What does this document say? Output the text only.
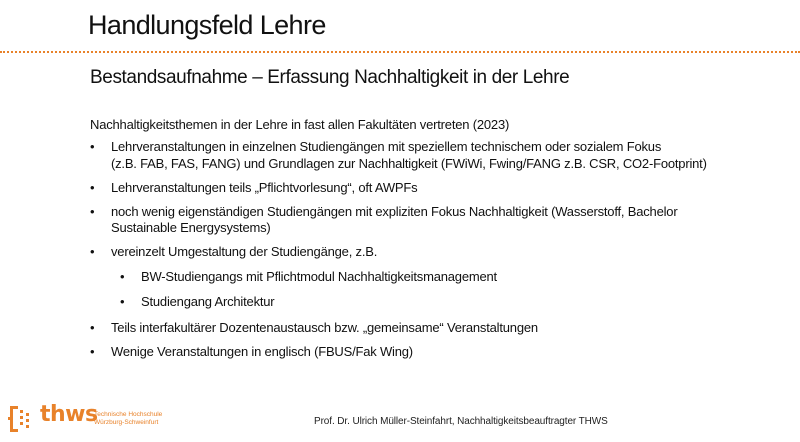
Handlungsfeld Lehre
Bestandsaufnahme – Erfassung Nachhaltigkeit in der Lehre
Nachhaltigkeitsthemen in der Lehre in fast allen Fakultäten vertreten (2023)
• Lehrveranstaltungen in einzelnen Studiengängen mit speziellem technischem oder sozialem Fokus
(z.B. FAB, FAS, FANG) und Grundlagen zur Nachhaltigkeit (FWiWi, Fwing/FANG z.B. CSR, CO2-Footprint)
• Lehrveranstaltungen teils „Pflichtvorlesung“, oft AWPFs
• noch wenig eigenständigen Studiengängen mit expliziten Fokus Nachhaltigkeit (Wasserstoff, Bachelor
Sustainable Energysystems)
• vereinzelt Umgestaltung der Studiengänge, z.B.
• BW-Studiengangs mit Pflichtmodul Nachhaltigkeitsmanagement
• Studiengang Architektur
• Teils interfakultärer Dozentenaustausch bzw. „gemeinsame“ Veranstaltungen
• Wenige Veranstaltungen in englisch (FBUS/Fak Wing)
thws
Technische Hochschule
Würzburg-Schweinfurt	Prof. Dr. Ulrich Müller-Steinfahrt, Nachhaltigkeitsbeauftragter THWS
